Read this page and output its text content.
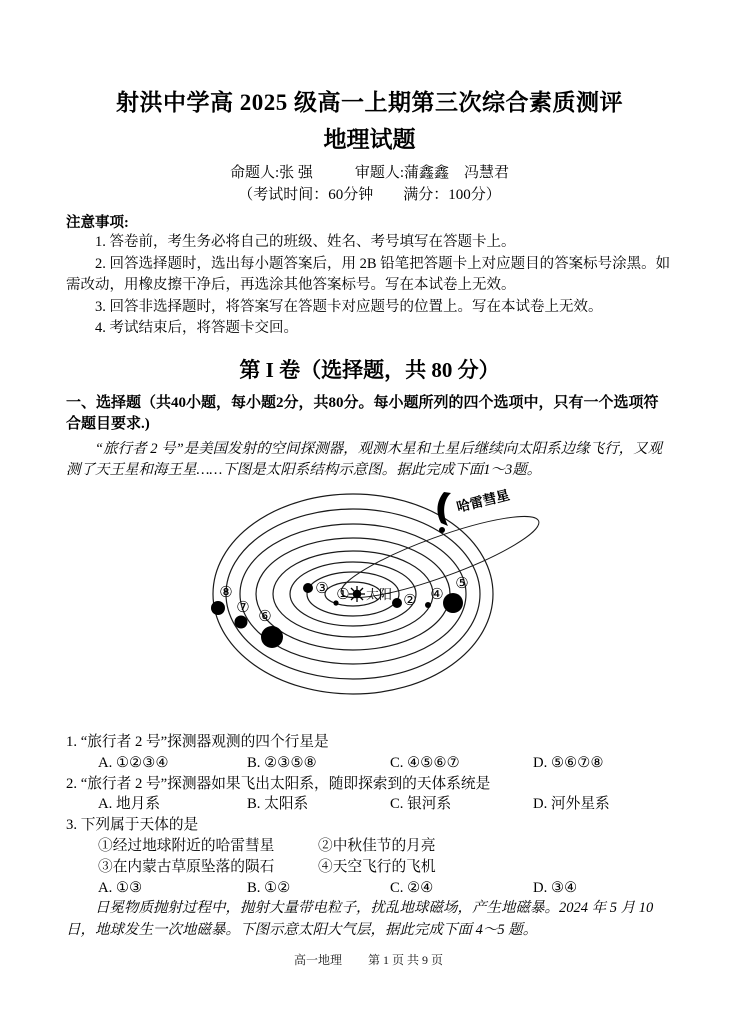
射洪中学高 2025 级高一上期第三次综合素质测评
地理试题
命题人:张 强	审题人:蒲鑫鑫　冯慧君
（考试时间：60分钟　　满分：100分）

注意事项:

1. 答卷前，考生务必将自己的班级、姓名、考号填写在答题卡上。

2. 回答选择题时，选出每小题答案后，用 2B 铅笔把答题卡上对应题目的答案标号涂黑。如需改动，用橡皮擦干净后，再选涂其他答案标号。写在本试卷上无效。

3. 回答非选择题时，将答案写在答题卡对应题号的位置上。写在本试卷上无效。

4. 考试结束后，将答题卡交回。

第 I 卷（选择题，共 80 分）

一、选择题（共40小题，每小题2分，共80分。每小题所列的四个选项中，只有一个选项符合题目要求.)

“旅行者 2 号”是美国发射的空间探测器，观测木星和土星后继续向太阳系边缘飞行，又观测了天王星和海王星……下图是太阳系结构示意图。据此完成下面1～3题。

太阳
①	②
③	④
⑤
⑥
⑦
⑧
哈雷彗星

1. “旅行者 2 号”探测器观测的四个行星是

A. ①②③④	B. ②③⑤⑧	C. ④⑤⑥⑦	D. ⑤⑥⑦⑧

2. “旅行者 2 号”探测器如果飞出太阳系，随即探索到的天体系统是

A. 地月系	B. 太阳系	C. 银河系	D. 河外星系

3. 下列属于天体的是

①经过地球附近的哈雷彗星	②中秋佳节的月亮
③在内蒙古草原坠落的陨石	④天空飞行的飞机
A. ①③	B. ①②	C. ②④	D. ③④

日冕物质抛射过程中，抛射大量带电粒子，扰乱地球磁场，产生地磁暴。2024 年 5 月 10 日，地球发生一次地磁暴。下图示意太阳大气层，据此完成下面 4～5 题。

高一地理 第 1 页 共 9 页
